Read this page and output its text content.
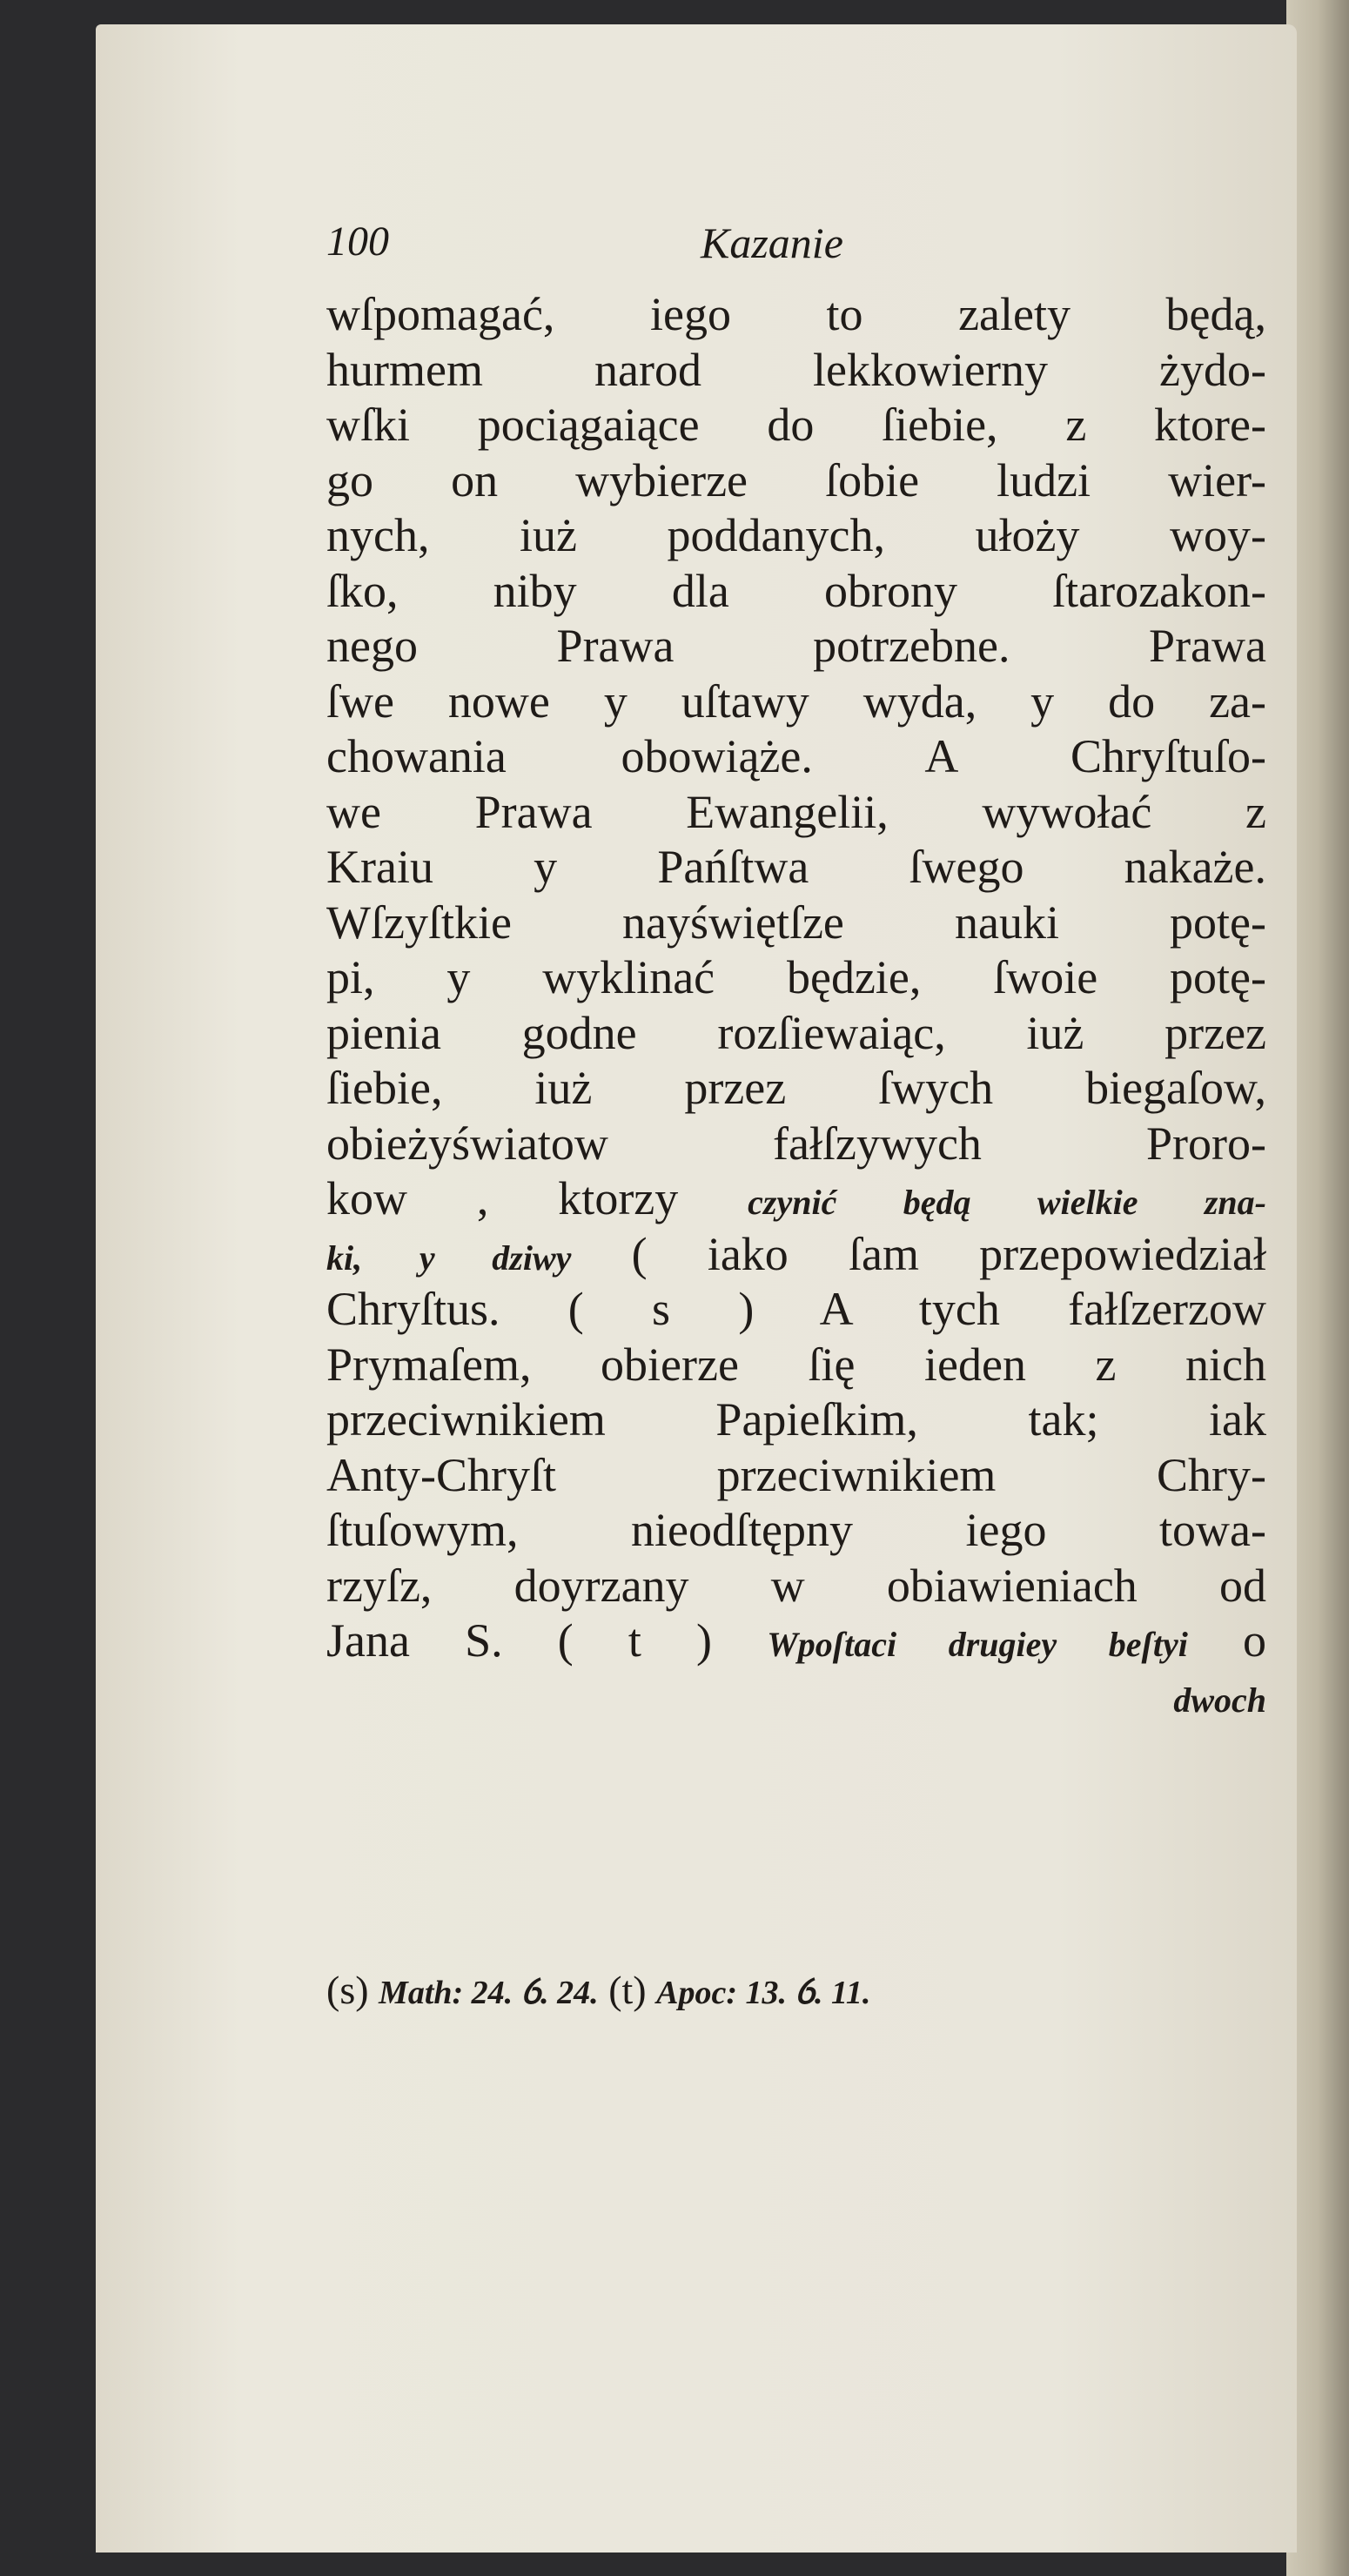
100	Kazanie
wſpomagać, iego to zalety będą,
hurmem narod lekkowierny żydo-
wſki pociągaiące do ſiebie, z ktore-
go on wybierze ſobie ludzi wier-
nych, iuż poddanych, ułoży woy-
ſko, niby dla obrony ſtarozakon-
nego Prawa potrzebne. Prawa
ſwe nowe y uſtawy wyda, y do za-
chowania obowiąże. A Chryſtuſo-
we Prawa Ewangelii, wywołać z
Kraiu y Pańſtwa ſwego nakaże.
Wſzyſtkie nayświętſze nauki potę-
pi, y wyklinać będzie, ſwoie potę-
pienia godne rozſiewaiąc, iuż przez
ſiebie, iuż przez ſwych biegaſow,
obieżyświatow fałſzywych Proro-
kow , ktorzy czynić będą wielkie zna-
ki, y dziwy ( iako ſam przepowiedział
Chryſtus. ( s ) A tych fałſzerzow
Prymaſem, obierze ſię ieden z nich
przeciwnikiem Papieſkim, tak; iak
Anty-Chryſt przeciwnikiem Chry-
ſtuſowym, nieodſtępny iego towa-
rzyſz, doyrzany w obiawieniach od
Jana S. ( t ) Wpoſtaci drugiey beſtyi o
dwoch
(s) Math: 24. ỽ. 24. (t) Apoc: 13. ỽ. 11.
